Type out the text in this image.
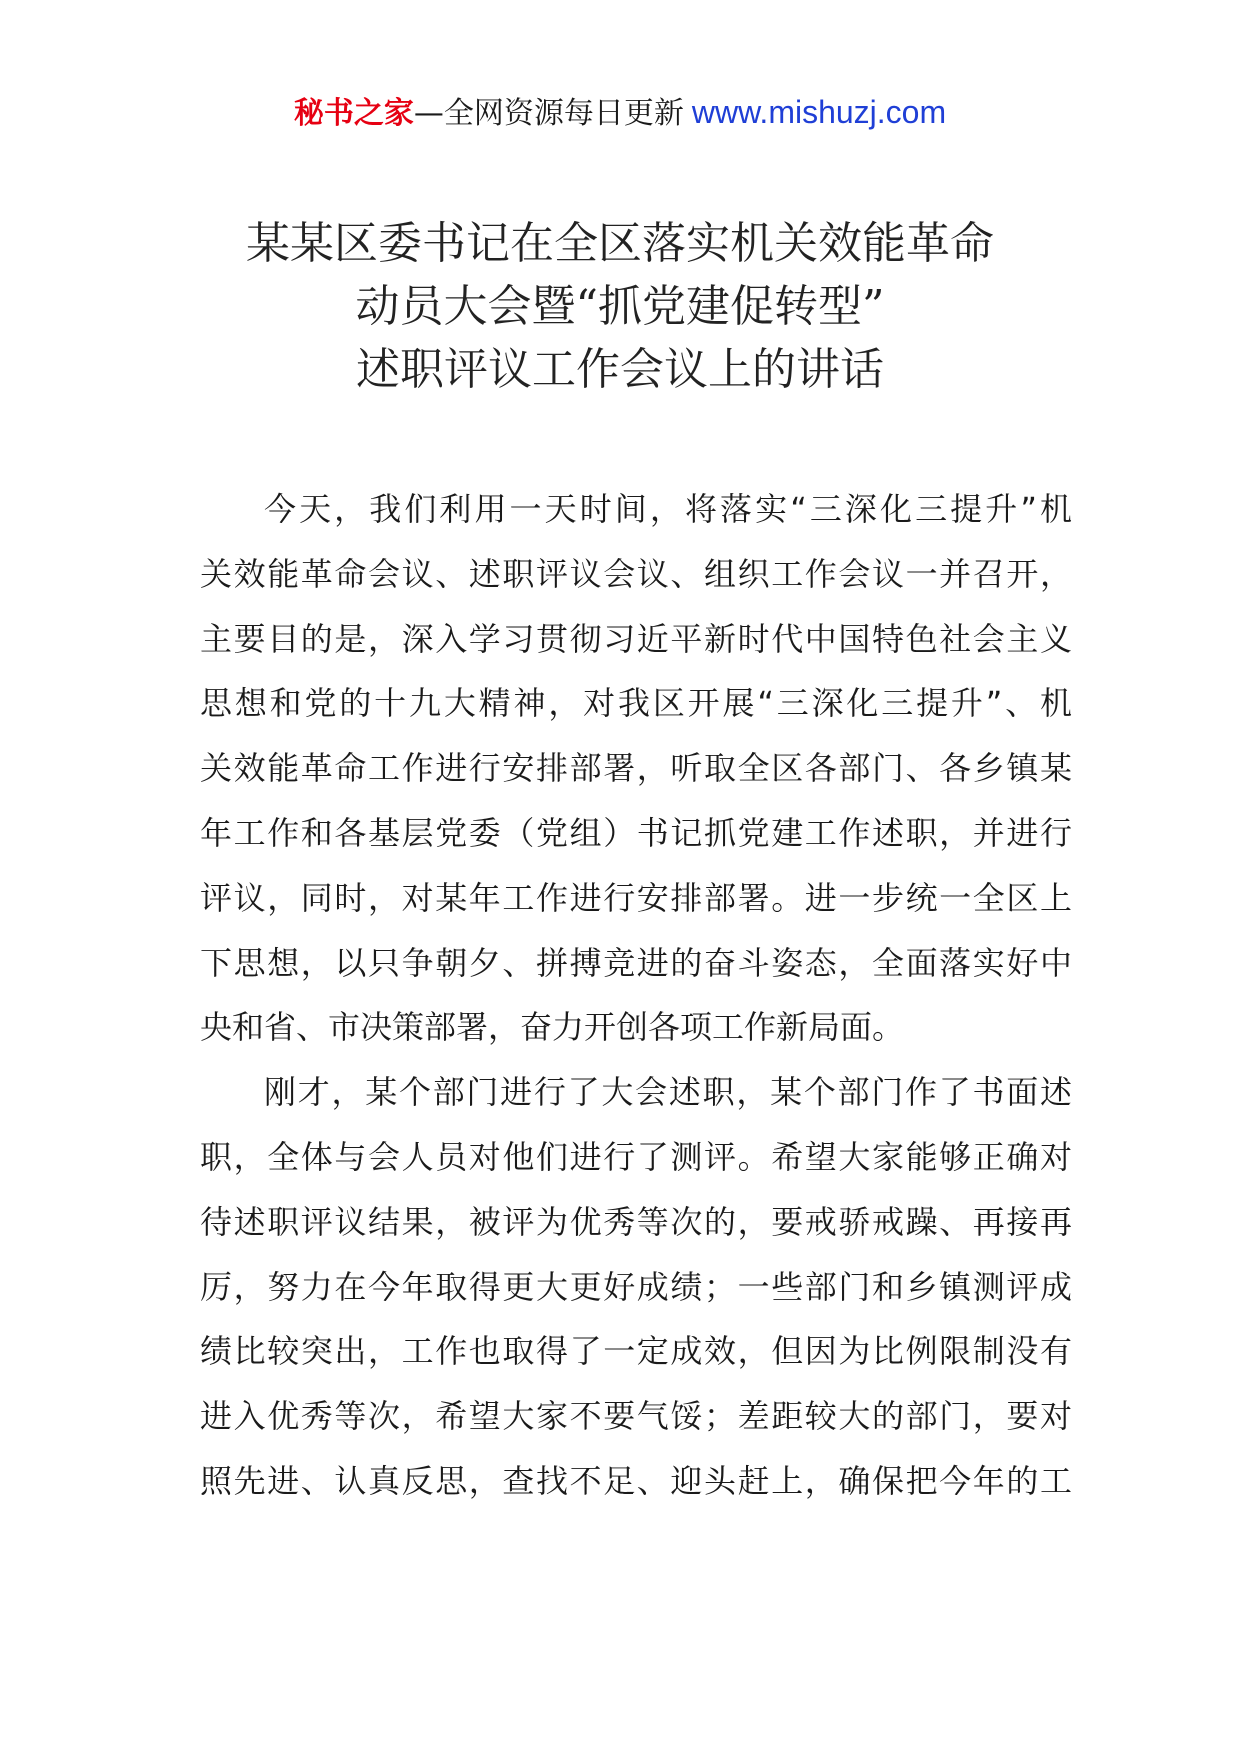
秘书之家—全网资源每日更新 www.mishuzj.com
某某区委书记在全区落实机关效能革命
动员大会暨“抓党建促转型”
述职评议工作会议上的讲话
今天，我们利用一天时间，将落实“三深化三提升”机
关效能革命会议、述职评议会议、组织工作会议一并召开，
主要目的是，深入学习贯彻习近平新时代中国特色社会主义
思想和党的十九大精神，对我区开展“三深化三提升”、机
关效能革命工作进行安排部署，听取全区各部门、各乡镇某
年工作和各基层党委（党组）书记抓党建工作述职，并进行
评议，同时，对某年工作进行安排部署。进一步统一全区上
下思想，以只争朝夕、拼搏竞进的奋斗姿态，全面落实好中
央和省、市决策部署，奋力开创各项工作新局面。
刚才，某个部门进行了大会述职，某个部门作了书面述
职，全体与会人员对他们进行了测评。希望大家能够正确对
待述职评议结果，被评为优秀等次的，要戒骄戒躁、再接再
厉，努力在今年取得更大更好成绩；一些部门和乡镇测评成
绩比较突出，工作也取得了一定成效，但因为比例限制没有
进入优秀等次，希望大家不要气馁；差距较大的部门，要对
照先进、认真反思，查找不足、迎头赶上，确保把今年的工
